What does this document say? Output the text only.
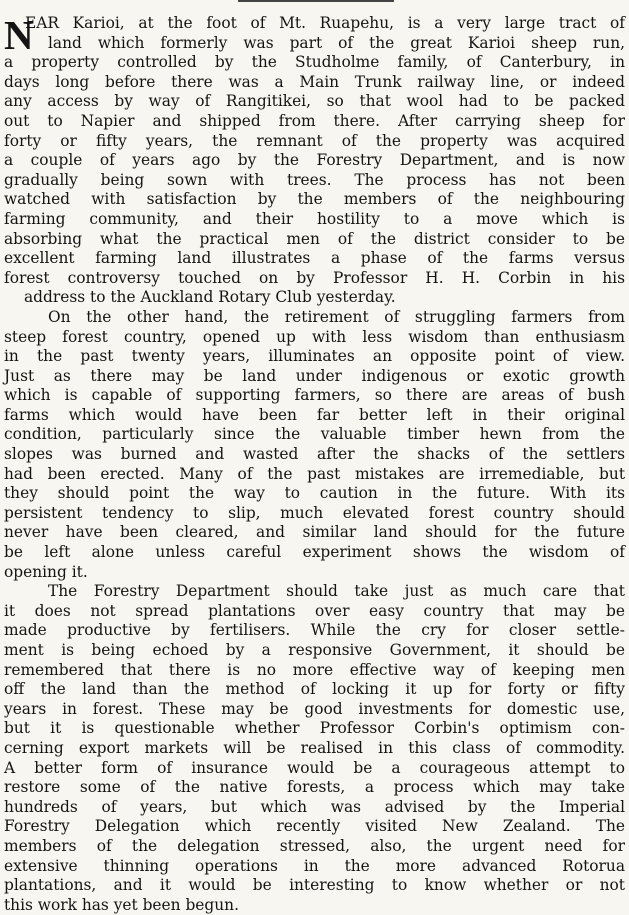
N

EAR Karioi, at the foot of Mt. Ruapehu, is a very large tract of

land which formerly was part of the great Karioi sheep run,

a property controlled by the Studholme family, of Canterbury, in

days long before there was a Main Trunk railway line, or indeed

any access by way of Rangitikei, so that wool had to be packed

out to Napier and shipped from there. After carrying sheep for

forty or fifty years, the remnant of the property was acquired

a couple of years ago by the Forestry Department, and is now

gradually being sown with trees. The process has not been

watched with satisfaction by the members of the neighbouring

farming community, and their hostility to a move which is

absorbing what the practical men of the district consider to be

excellent farming land illustrates a phase of the farms versus

forest controversy touched on by Professor H. H. Corbin in his

address to the Auckland Rotary Club yesterday.

On the other hand, the retirement of struggling farmers from

steep forest country, opened up with less wisdom than enthusiasm

in the past twenty years, illuminates an opposite point of view.

Just as there may be land under indigenous or exotic growth

which is capable of supporting farmers, so there are areas of bush

farms which would have been far better left in their original

condition, particularly since the valuable timber hewn from the

slopes was burned and wasted after the shacks of the settlers

had been erected. Many of the past mistakes are irremediable, but

they should point the way to caution in the future. With its

persistent tendency to slip, much elevated forest country should

never have been cleared, and similar land should for the future

be left alone unless careful experiment shows the wisdom of

opening it.

The Forestry Department should take just as much care that

it does not spread plantations over easy country that may be

made productive by fertilisers. While the cry for closer settle-

ment is being echoed by a responsive Government, it should be

remembered that there is no more effective way of keeping men

off the land than the method of locking it up for forty or fifty

years in forest. These may be good investments for domestic use,

but it is questionable whether Professor Corbin's optimism con-

cerning export markets will be realised in this class of commodity.

A better form of insurance would be a courageous attempt to

restore some of the native forests, a process which may take

hundreds of years, but which was advised by the Imperial

Forestry Delegation which recently visited New Zealand. The

members of the delegation stressed, also, the urgent need for

extensive thinning operations in the more advanced Rotorua

plantations, and it would be interesting to know whether or not

this work has yet been begun.
